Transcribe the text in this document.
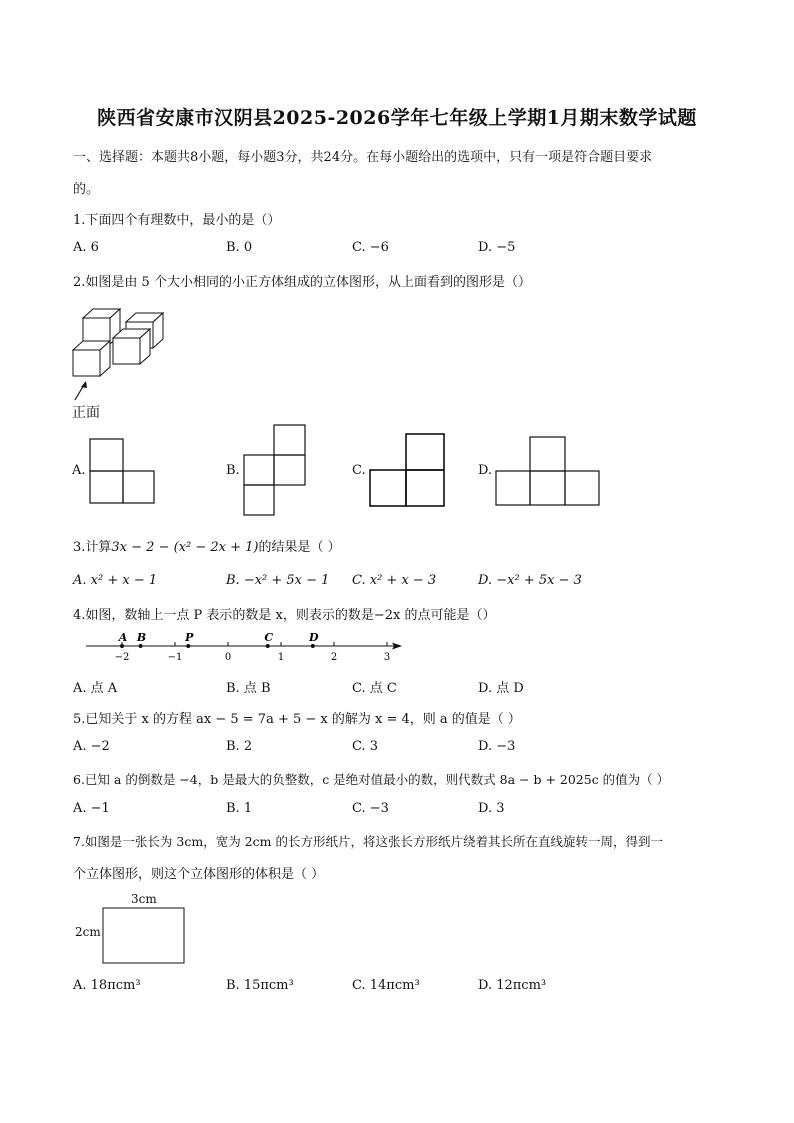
陕西省安康市汉阴县2025-2026学年七年级上学期1月期末数学试题
一、选择题：本题共8小题，每小题3分，共24分。在每小题给出的选项中，只有一项是符合题目要求
的。
1.下面四个有理数中，最小的是（）
A. 6	B. 0	C. −6	D. −5
2.如图是由 5 个大小相同的小正方体组成的立体图形，从上面看到的图形是（）
正面
A.	B.	C.	D.
3.计算3x − 2 − (x² − 2x + 1)的结果是（ ）
A. x² + x − 1	B. −x² + 5x − 1 C. x² + x − 3	D. −x² + 5x − 3
4.如图，数轴上一点 P 表示的数是 x，则表示的数是−2x 的点可能是（）
−2	−1	0	1	2	3
A B	P	C	D
A. 点 A	B. 点 B	C. 点 C	D. 点 D
5.已知关于 x 的方程 ax − 5 = 7a + 5 − x 的解为 x = 4，则 a 的值是（ ）
A. −2	B. 2	C. 3	D. −3
6.已知 a 的倒数是 −4，b 是最大的负整数，c 是绝对值最小的数，则代数式 8a − b + 2025c 的值为（ ）
A. −1	B. 1	C. −3	D. 3
7.如图是一张长为 3cm，宽为 2cm 的长方形纸片，将这张长方形纸片绕着其长所在直线旋转一周，得到一
个立体图形，则这个立体图形的体积是（ ）
3cm
2cm
A. 18πcm³	B. 15πcm³	C. 14πcm³	D. 12πcm³
